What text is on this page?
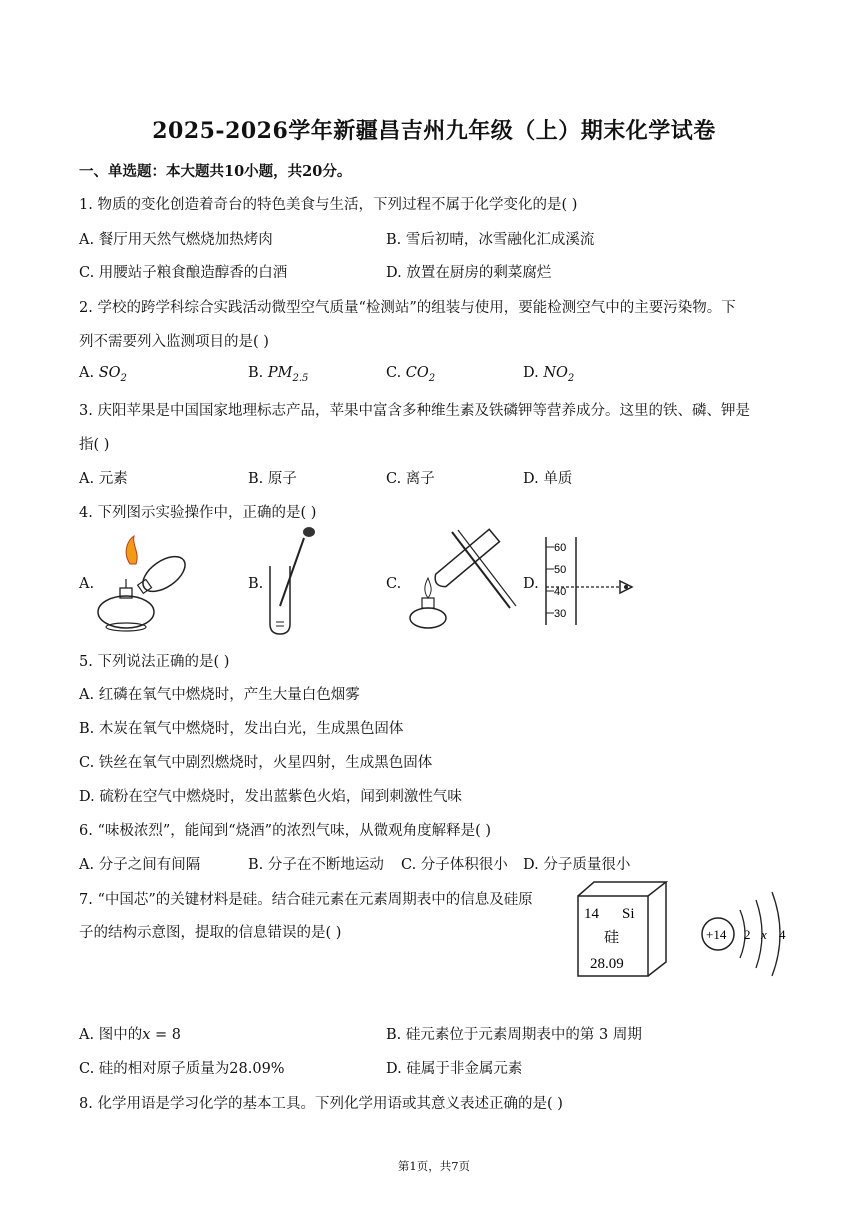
2025-2026学年新疆昌吉州九年级（上）期末化学试卷
一、单选题：本大题共10小题，共20分。
1. 物质的变化创造着奇台的特色美食与生活，下列过程不属于化学变化的是( )
A. 餐厅用天然气燃烧加热烤肉	B. 雪后初晴，冰雪融化汇成溪流
C. 用腰站子粮食酿造醇香的白酒	D. 放置在厨房的剩菜腐烂
2. 学校的跨学科综合实践活动微型空气质量“检测站”的组装与使用，要能检测空气中的主要污染物。下
列不需要列入监测项目的是( )
A. $SO_2$	B. $PM_{2.5}$	C. $CO_2$	D. $NO_2$
3. 庆阳苹果是中国国家地理标志产品，苹果中富含多种维生素及铁磷钾等营养成分。这里的铁、磷、钾是
指( )
A. 元素	B. 原子	C. 离子	D. 单质
4. 下列图示实验操作中，正确的是( )
A.	B.	C.	D.
60
50
40
30
5. 下列说法正确的是( )
A. 红磷在氧气中燃烧时，产生大量白色烟雾
B. 木炭在氧气中燃烧时，发出白光，生成黑色固体
C. 铁丝在氧气中剧烈燃烧时，火星四射，生成黑色固体
D. 硫粉在空气中燃烧时，发出蓝紫色火焰，闻到刺激性气味
6. “味极浓烈”，能闻到“烧酒”的浓烈气味，从微观角度解释是( )
A. 分子之间有间隔	B. 分子在不断地运动 C. 分子体积很小 D. 分子质量很小
7. “中国芯”的关键材料是硅。结合硅元素在元素周期表中的信息及硅原
子的结构示意图，提取的信息错误的是( )
14 Si
硅
28.09
+14 2 x 4
A. 图中的x = 8	B. 硅元素位于元素周期表中的第 3 周期
C. 硅的相对原子质量为28.09%	D. 硅属于非金属元素
8. 化学用语是学习化学的基本工具。下列化学用语或其意义表述正确的是( )
第1页，共7页
